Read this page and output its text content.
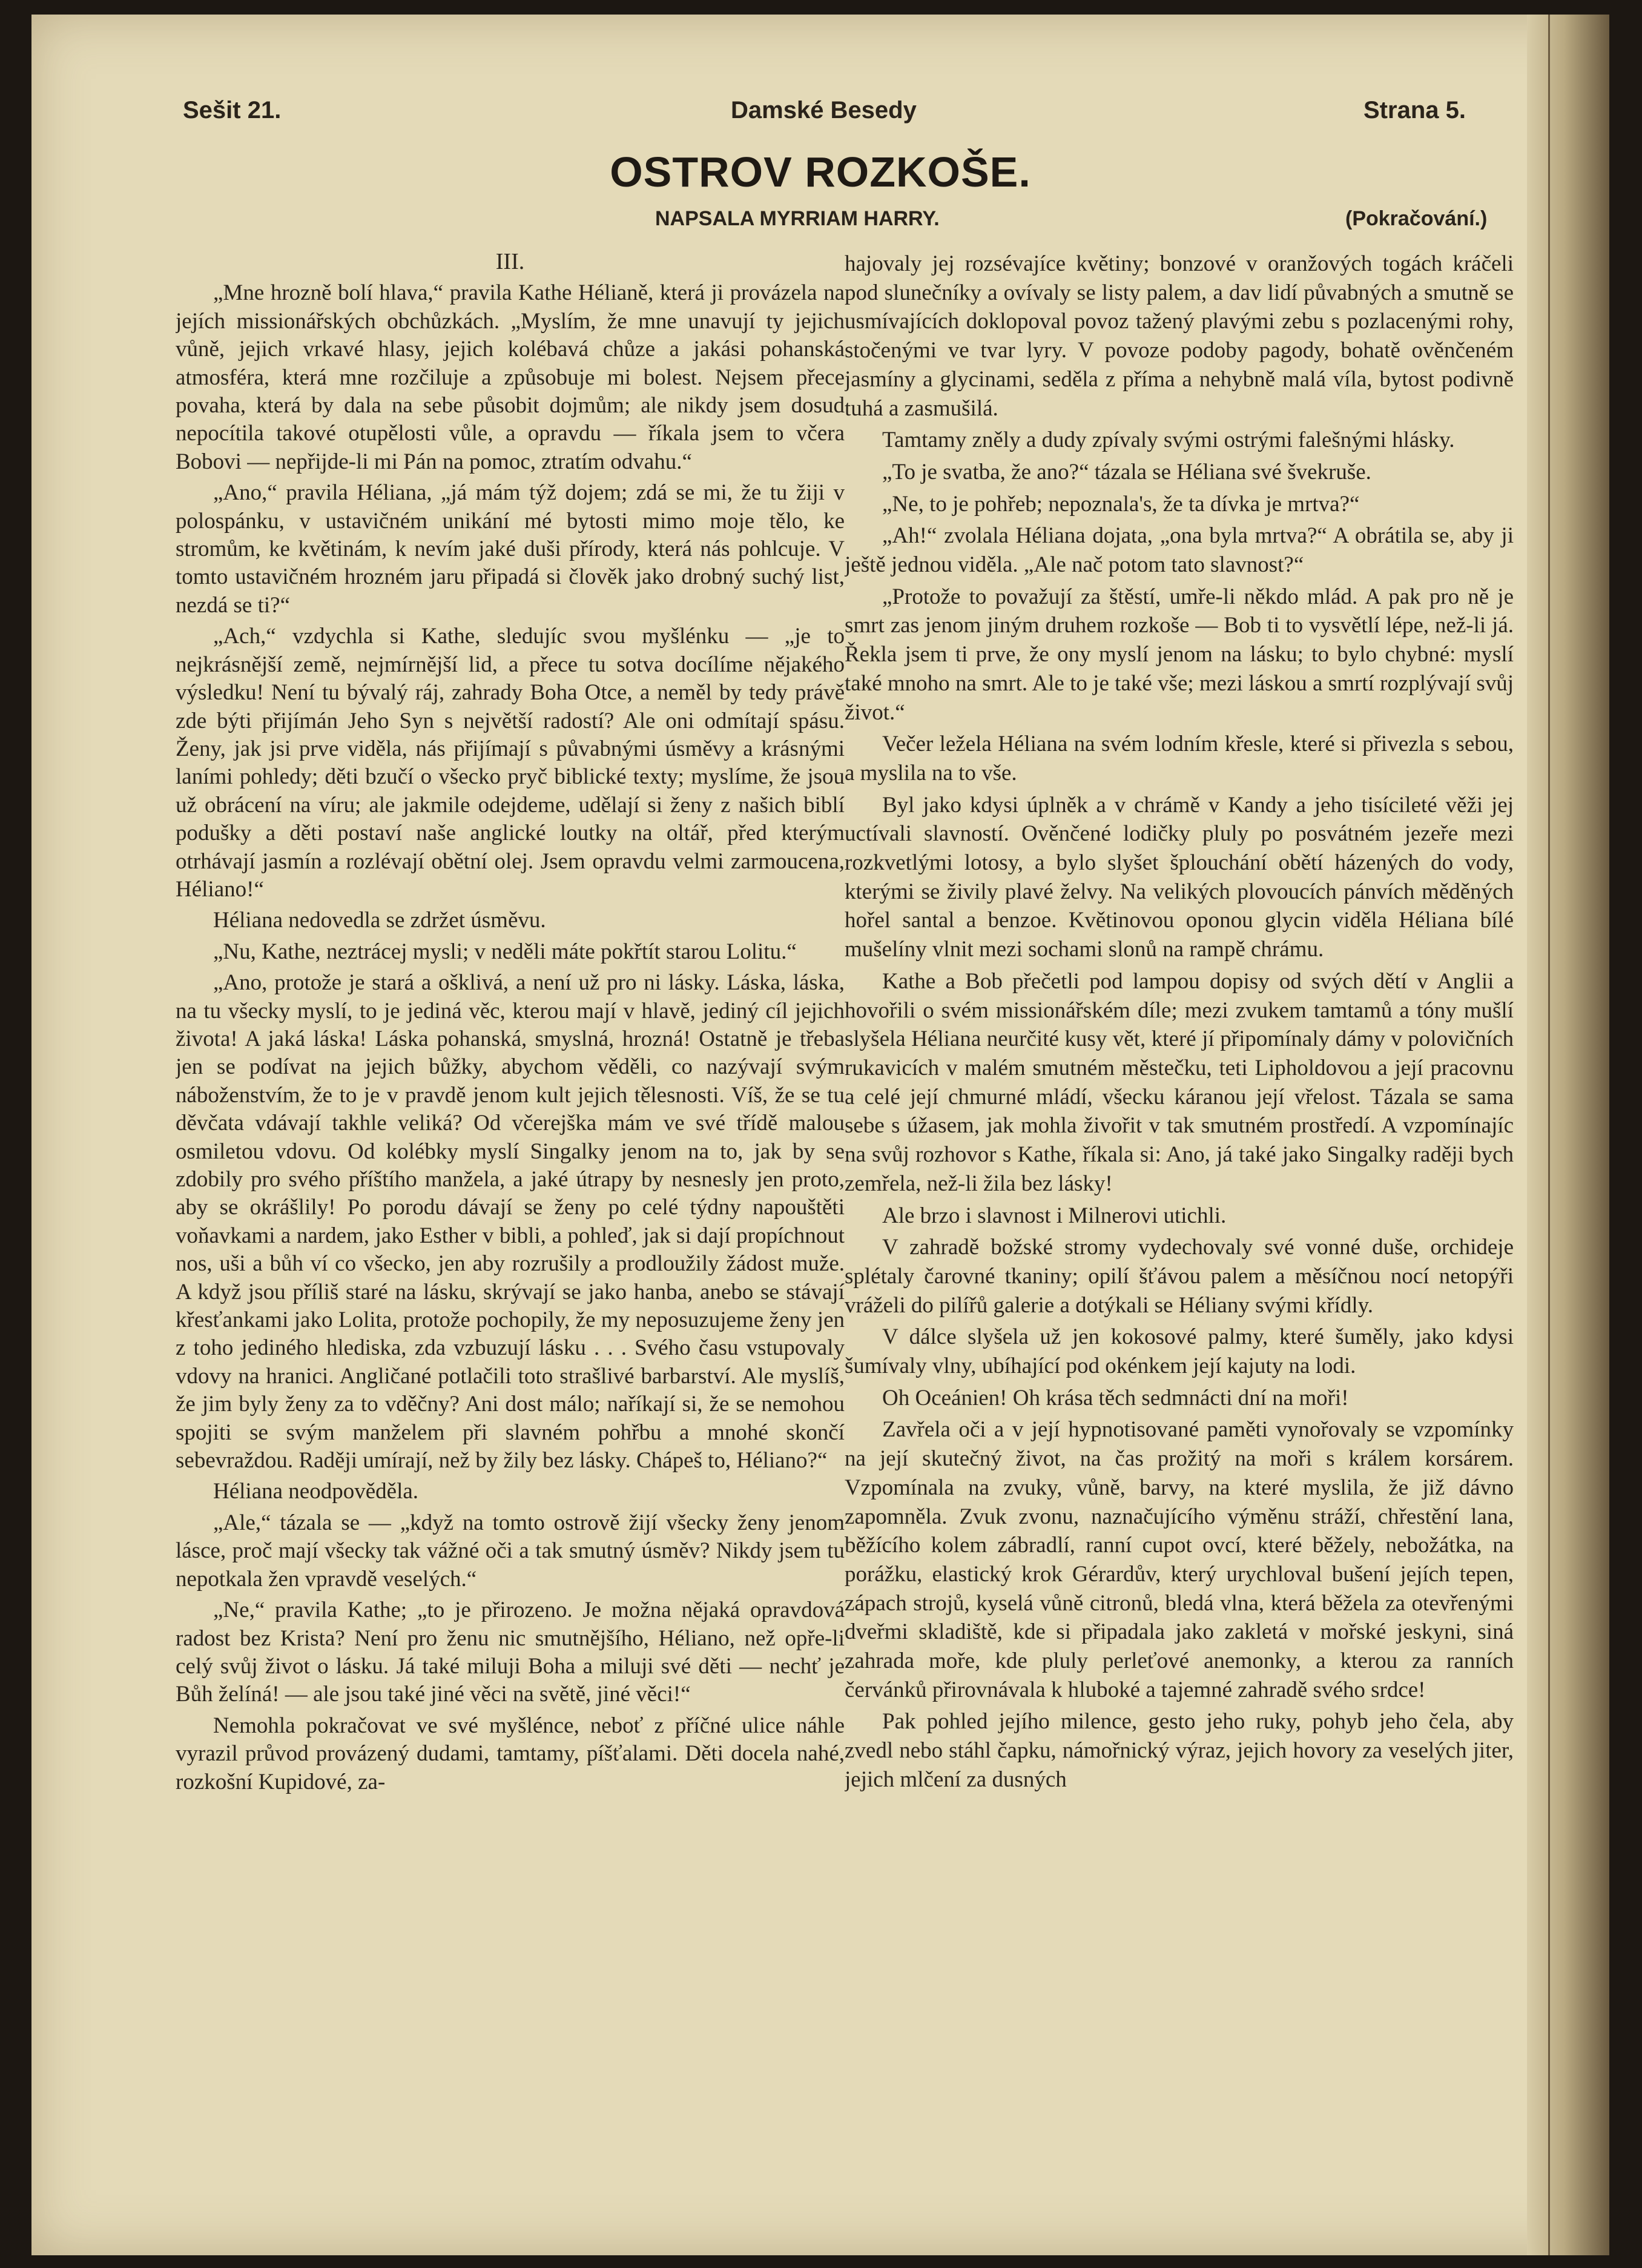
Sešit 21.	Damské Besedy	Strana 5.
OSTROV ROZKOŠE.
NAPSALA MYRRIAM HARRY.	(Pokračování.)
III.

„Mne hrozně bolí hlava,“ pravila Kathe Hélianě, která ji provázela na jejích missionářských obchůzkách. „Myslím, že mne unavují ty jejich vůně, jejich vrkavé hlasy, jejich kolébavá chůze a jakási pohanská atmosféra, která mne rozčiluje a způsobuje mi bolest. Nejsem přece povaha, která by dala na sebe působit dojmům; ale nikdy jsem dosud nepocítila takové otupělosti vůle, a opravdu — říkala jsem to včera Bobovi — nepřijde-li mi Pán na pomoc, ztratím odvahu.“

„Ano,“ pravila Héliana, „já mám týž dojem; zdá se mi, že tu žiji v polospánku, v ustavičném unikání mé bytosti mimo moje tělo, ke stromům, ke květinám, k nevím jaké duši přírody, která nás pohlcuje. V tomto ustavičném hrozném jaru připadá si člověk jako drobný suchý list, nezdá se ti?“

„Ach,“ vzdychla si Kathe, sledujíc svou myšlénku — „je to nejkrásnější země, nejmírnější lid, a přece tu sotva docílíme nějakého výsledku! Není tu bývalý ráj, zahrady Boha Otce, a neměl by tedy právě zde býti přijímán Jeho Syn s největší radostí? Ale oni odmítají spásu. Ženy, jak jsi prve viděla, nás přijímají s půvabnými úsměvy a krásnými laními pohledy; děti bzučí o všecko pryč biblické texty; myslíme, že jsou už obrácení na víru; ale jakmile odejdeme, udělají si ženy z našich biblí podušky a děti postaví naše anglické loutky na oltář, před kterým otrhávají jasmín a rozlévají obětní olej. Jsem opravdu velmi zarmoucena, Héliano!“

Héliana nedovedla se zdržet úsměvu.

„Nu, Kathe, neztrácej mysli; v neděli máte pokřtít starou Lolitu.“

„Ano, protože je stará a ošklivá, a není už pro ni lásky. Láska, láska, na tu všecky myslí, to je jediná věc, kterou mají v hlavě, jediný cíl jejich života! A jaká láska! Láska pohanská, smyslná, hrozná! Ostatně je třeba jen se podívat na jejich bůžky, abychom věděli, co nazývají svým náboženstvím, že to je v pravdě jenom kult jejich tělesnosti. Víš, že se tu děvčata vdávají takhle veliká? Od včerejška mám ve své třídě malou osmiletou vdovu. Od kolébky myslí Singalky jenom na to, jak by se zdobily pro svého příštího manžela, a jaké útrapy by nesnesly jen proto, aby se okrášlily! Po porodu dávají se ženy po celé týdny napouštěti voňavkami a nardem, jako Esther v bibli, a pohleď, jak si dají propíchnout nos, uši a bůh ví co všecko, jen aby rozrušily a prodloužily žádost muže. A když jsou příliš staré na lásku, skrývají se jako hanba, anebo se stávají křesťankami jako Lolita, protože pochopily, že my neposuzujeme ženy jen z toho jediného hlediska, zda vzbuzují lásku . . . Svého času vstupovaly vdovy na hranici. Angličané potlačili toto strašlivé barbarství. Ale myslíš, že jim byly ženy za to vděčny? Ani dost málo; naříkají si, že se nemohou spojiti se svým manželem při slavném pohřbu a mnohé skončí sebevraždou. Raději umírají, než by žily bez lásky. Chápeš to, Héliano?“

Héliana neodpověděla.

„Ale,“ tázala se — „když na tomto ostrově žijí všecky ženy jenom lásce, proč mají všecky tak vážné oči a tak smutný úsměv? Nikdy jsem tu nepotkala žen vpravdě veselých.“

„Ne,“ pravila Kathe; „to je přirozeno. Je možna nějaká opravdová radost bez Krista? Není pro ženu nic smutnějšího, Héliano, než opře-li celý svůj život o lásku. Já také miluji Boha a miluji své děti — nechť je Bůh želíná! — ale jsou také jiné věci na světě, jiné věci!“

Nemohla pokračovat ve své myšlénce, neboť z příčné ulice náhle vyrazil průvod provázený dudami, tamtamy, píšťalami. Děti docela nahé, rozkošní Kupidové, za-

hajovaly jej rozsévajíce květiny; bonzové v oranžových togách kráčeli pod slunečníky a ovívaly se listy palem, a dav lidí půvabných a smutně se usmívajících doklopoval povoz tažený plavými zebu s pozlacenými rohy, stočenými ve tvar lyry. V povoze podoby pagody, bohatě ověnčeném jasmíny a glycinami, seděla z přímа a nehybně malá víla, bytost podivně tuhá a zasmušilá.

Tamtamy zněly a dudy zpívaly svými ostrými falešnými hlásky.

„To je svatba, že ano?“ tázala se Héliana své švekruše.

„Ne, to je pohřeb; nepoznala's, že ta dívka je mrtva?“

„Ah!“ zvolala Héliana dojata, „ona byla mrtva?“ A obrátila se, aby ji ještě jednou viděla. „Ale nač potom tato slavnost?“

„Protože to považují za štěstí, umře-li někdo mlád. A pak pro ně je smrt zas jenom jiným druhem rozkoše — Bob ti to vysvětlí lépe, než-li já. Řekla jsem ti prve, že ony myslí jenom na lásku; to bylo chybné: myslí také mnoho na smrt. Ale to je také vše; mezi láskou a smrtí rozplývají svůj život.“

Večer ležela Héliana na svém lodním křesle, které si přivezla s sebou, a myslila na to vše.

Byl jako kdysi úplněk a v chrámě v Kandy a jeho tisícileté věži jej uctívali slavností. Ověnčené lodičky pluly po posvátném jezeře mezi rozkvetlými lotosy, a bylo slyšet šplouchání obětí házených do vody, kterými se živily plavé želvy. Na velikých plovoucích pánvích měděných hořel santal a benzoe. Květinovou oponou glycin viděla Héliana bílé mušelíny vlnit mezi sochami slonů na rampě chrámu.

Kathe a Bob přečetli pod lampou dopisy od svých dětí v Anglii a hovořili o svém missionářském díle; mezi zvukem tamtamů a tóny mušlí slyšela Héliana neurčité kusy vět, které jí připomínaly dámy v polovičních rukavicích v malém smutném městečku, teti Lipholdovou a její pracovnu a celé její chmurné mládí, všecku káranou její vřelost. Tázala se sama sebe s úžasem, jak mohla živořit v tak smutném prostředí. A vzpomínajíc na svůj rozhovor s Kathe, říkala si: Ano, já také jako Singalky raději bych zemřela, než-li žila bez lásky!

Ale brzo i slavnost i Milnerovi utichli.

V zahradě božské stromy vydechovaly své vonné duše, orchideje splétaly čarovné tkaniny; opilí šťávou palem a měsíčnou nocí netopýři vráželi do pilířů galerie a dotýkali se Héliany svými křídly.

V dálce slyšela už jen kokosové palmy, které šuměly, jako kdysi šumívaly vlny, ubíhající pod okénkem její kajuty na lodi.

Oh Oceánien! Oh krása těch sedmnácti dní na moři!

Zavřela oči a v její hypnotisované paměti vynořovaly se vzpomínky na její skutečný život, na čas prožitý na moři s králem korsárem. Vzpomínala na zvuky, vůně, barvy, na které myslila, že již dávno zapomněla. Zvuk zvonu, naznačujícího výměnu stráží, chřestění lana, běžícího kolem zábradlí, ranní cupot ovcí, které běžely, nebožátka, na porážku, elastický krok Gérardův, který urychloval bušení jejích tepen, zápach strojů, kyselá vůně citronů, bledá vlna, která běžela za otevřenými dveřmi skladiště, kde si připadala jako zakletá v mořské jeskyni, siná zahrada moře, kde pluly perleťové anemonky, a kterou za ranních červánků přirovnávala k hluboké a tajemné zahradě svého srdce!

Pak pohled jejího milence, gesto jeho ruky, pohyb jeho čela, aby zvedl nebo stáhl čapku, námořnický výraz, jejich hovory za veselých jiter, jejich mlčení za dusných
